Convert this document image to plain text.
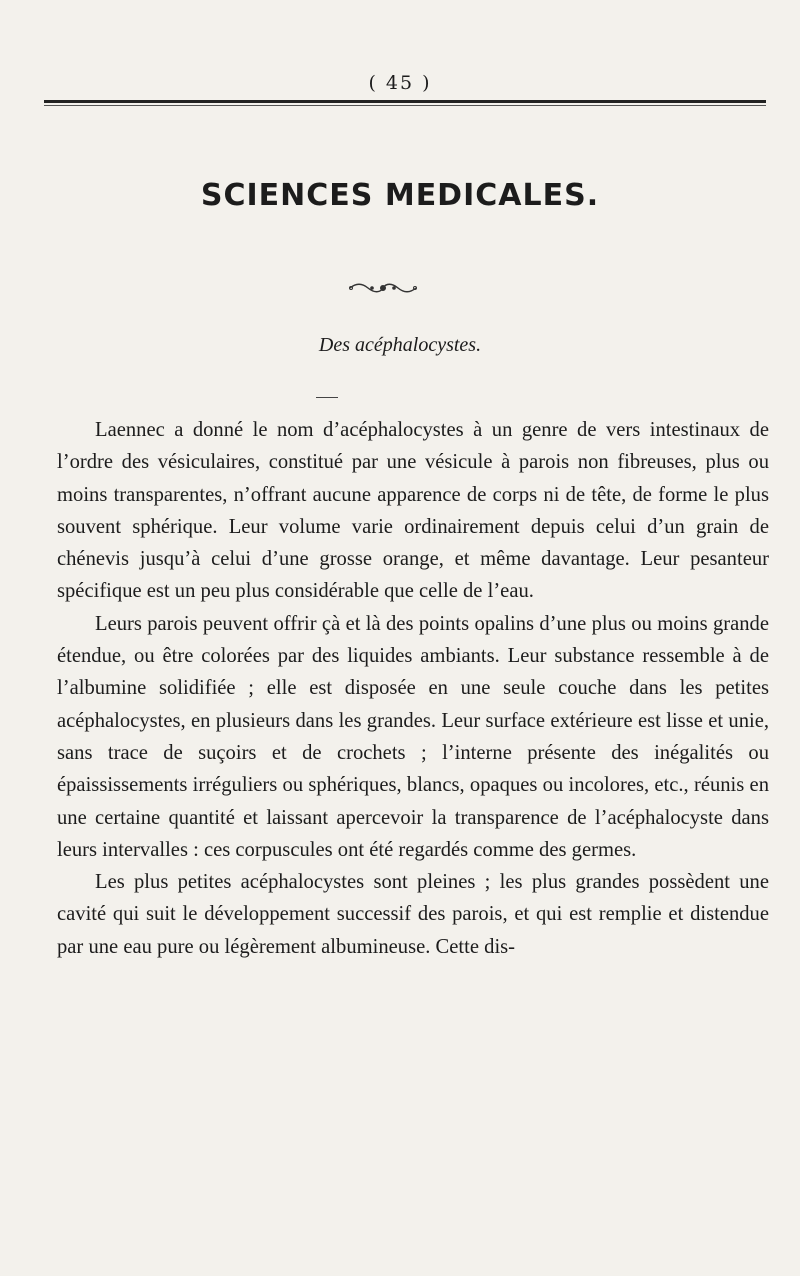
( 45 )
SCIENCES MEDICALES.
Des acéphalocystes.

Laennec a donné le nom d’acéphalocystes à un genre de vers intestinaux de l’ordre des vésiculaires, constitué par une vésicule à parois non fibreuses, plus ou moins transparentes, n’offrant aucune apparence de corps ni de tête, de forme le plus souvent sphérique. Leur volume varie ordinairement depuis celui d’un grain de chénevis jusqu’à celui d’une grosse orange, et même davantage. Leur pesanteur spécifique est un peu plus considérable que celle de l’eau.

Leurs parois peuvent offrir çà et là des points opalins d’une plus ou moins grande étendue, ou être colorées par des liquides ambiants. Leur substance ressemble à de l’albumine solidifiée ; elle est disposée en une seule couche dans les petites acéphalocystes, en plusieurs dans les grandes. Leur surface extérieure est lisse et unie, sans trace de suçoirs et de crochets ; l’interne présente des inégalités ou épaississements irréguliers ou sphériques, blancs, opaques ou incolores, etc., réunis en une certaine quantité et laissant apercevoir la transparence de l’acéphalocyste dans leurs intervalles : ces corpuscules ont été regardés comme des germes.

Les plus petites acéphalocystes sont pleines ; les plus grandes possèdent une cavité qui suit le développement successif des parois, et qui est remplie et distendue par une eau pure ou légèrement albumineuse. Cette dis-
